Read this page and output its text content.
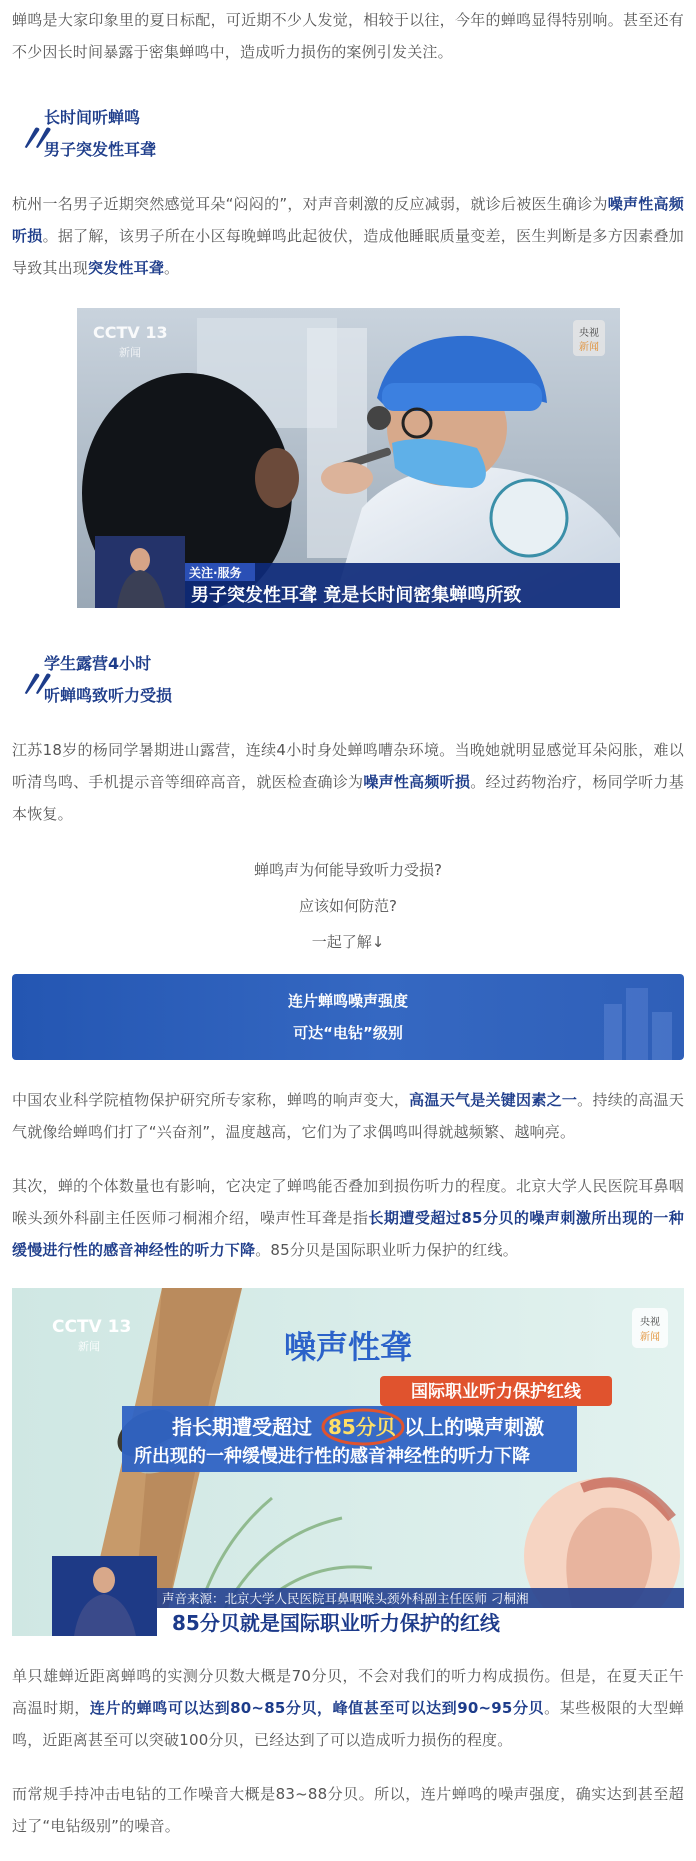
蝉鸣是大家印象里的夏日标配，可近期不少人发觉，相较于以往，今年的蝉鸣显得特别响。甚至还有不少因长时间暴露于密集蝉鸣中，造成听力损伤的案例引发关注。

〃
长时间听蝉鸣
男子突发性耳聋

杭州一名男子近期突然感觉耳朵“闷闷的”，对声音刺激的反应减弱，就诊后被医生确诊为噪声性高频听损。据了解，该男子所在小区每晚蝉鸣此起彼伏，造成他睡眠质量变差，医生判断是多方因素叠加导致其出现突发性耳聋。

CCTV 13
新闻
央视
新闻
关注·服务
男子突发性耳聋 竟是长时间密集蝉鸣所致
〃
学生露营4小时
听蝉鸣致听力受损

江苏18岁的杨同学暑期进山露营，连续4小时身处蝉鸣嘈杂环境。当晚她就明显感觉耳朵闷胀，难以听清鸟鸣、手机提示音等细碎高音，就医检查确诊为噪声性高频听损。经过药物治疗，杨同学听力基本恢复。

蝉鸣声为何能导致听力受损?
应该如何防范?
一起了解↓
连片蝉鸣噪声强度
可达“电钻”级别

中国农业科学院植物保护研究所专家称，蝉鸣的响声变大，高温天气是关键因素之一。持续的高温天气就像给蝉鸣们打了“兴奋剂”，温度越高，它们为了求偶鸣叫得就越频繁、越响亮。

其次，蝉的个体数量也有影响，它决定了蝉鸣能否叠加到损伤听力的程度。北京大学人民医院耳鼻咽喉头颈外科副主任医师刁桐湘介绍，噪声性耳聋是指长期遭受超过85分贝的噪声刺激所出现的一种缓慢进行性的感音神经性的听力下降。85分贝是国际职业听力保护的红线。

CCTV 13
新闻
央视
新闻
噪声性聋
国际职业听力保护红线
指长期遭受超过 85分贝 以上的噪声刺激
所出现的一种缓慢进行性的感音神经性的听力下降
声音来源：北京大学人民医院耳鼻咽喉头颈外科副主任医师 刁桐湘
85分贝就是国际职业听力保护的红线

单只雄蝉近距离蝉鸣的实测分贝数大概是70分贝，不会对我们的听力构成损伤。但是，在夏天正午高温时期，连片的蝉鸣可以达到80~85分贝，峰值甚至可以达到90~95分贝。某些极限的大型蝉鸣，近距离甚至可以突破100分贝，已经达到了可以造成听力损伤的程度。

而常规手持冲击电钻的工作噪音大概是83~88分贝。所以，连片蝉鸣的噪声强度，确实达到甚至超过了“电钻级别”的噪音。
